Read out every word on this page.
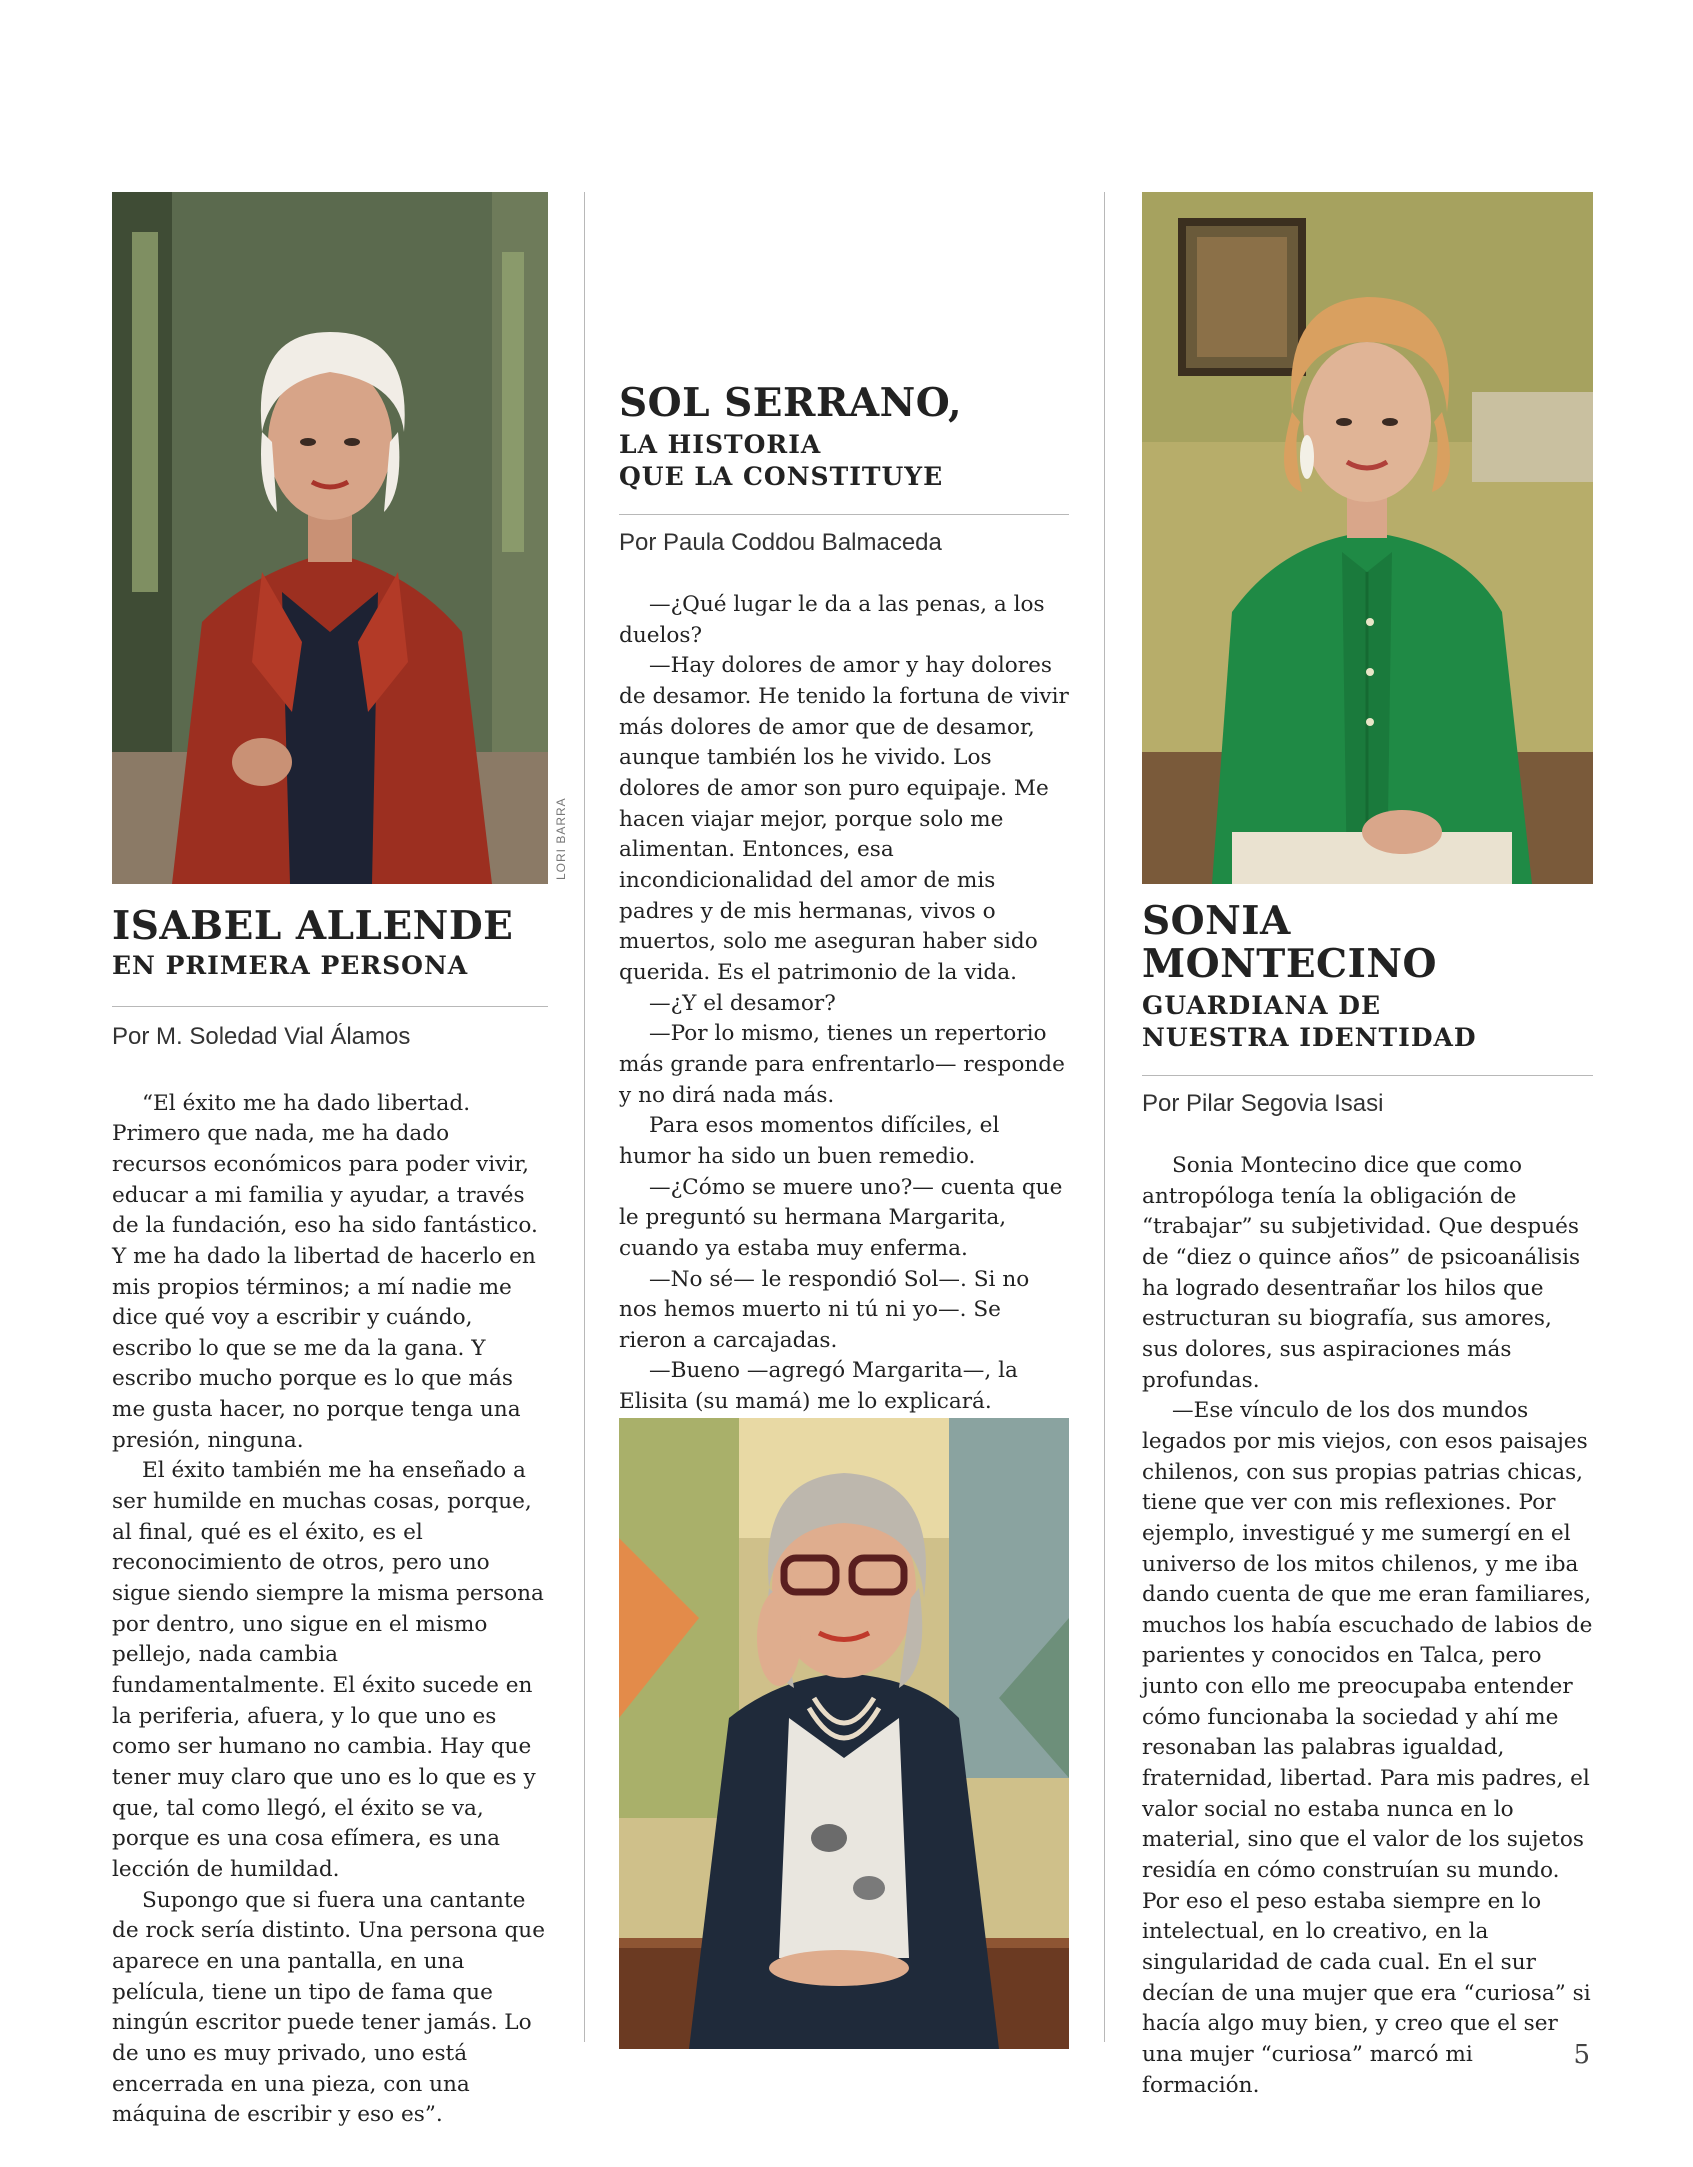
LORI BARRA
ISABEL ALLENDE
EN PRIMERA PERSONA

Por M. Soledad Vial Álamos

“El éxito me ha dado libertad. Primero que nada, me ha dado recursos económicos para poder vivir, educar a mi familia y ayudar, a través de la fundación, eso ha sido fantástico. Y me ha dado la libertad de hacerlo en mis propios términos; a mí nadie me dice qué voy a escribir y cuándo, escribo lo que se me da la gana. Y escribo mucho porque es lo que más me gusta hacer, no porque tenga una presión, ninguna.

El éxito también me ha enseñado a ser humilde en muchas cosas, porque, al final, qué es el éxito, es el reconocimiento de otros, pero uno sigue siendo siempre la misma persona por dentro, uno sigue en el mismo pellejo, nada cambia fundamentalmente. El éxito sucede en la periferia, afuera, y lo que uno es como ser humano no cambia. Hay que tener muy claro que uno es lo que es y que, tal como llegó, el éxito se va, porque es una cosa efímera, es una lección de humildad.

Supongo que si fuera una cantante de rock sería distinto. Una persona que aparece en una pantalla, en una película, tiene un tipo de fama que ningún escritor puede tener jamás. Lo de uno es muy privado, uno está encerrada en una pieza, con una máquina de escribir y eso es”.

SOL SERRANO,
LA HISTORIA
QUE LA CONSTITUYE

Por Paula Coddou Balmaceda

—¿Qué lugar le da a las penas, a los duelos?

—Hay dolores de amor y hay dolores de desamor. He tenido la fortuna de vivir más dolores de amor que de desamor, aunque también los he vivido. Los dolores de amor son puro equipaje. Me hacen viajar mejor, porque solo me alimentan. Entonces, esa incondicionalidad del amor de mis padres y de mis hermanas, vivos o muertos, solo me aseguran haber sido querida. Es el patrimonio de la vida.

—¿Y el desamor?

—Por lo mismo, tienes un repertorio más grande para enfrentarlo— responde y no dirá nada más.

Para esos momentos difíciles, el humor ha sido un buen remedio.

—¿Cómo se muere uno?— cuenta que le preguntó su hermana Margarita, cuando ya estaba muy enferma.

—No sé— le respondió Sol—. Si no nos hemos muerto ni tú ni yo—. Se rieron a carcajadas.

—Bueno —agregó Margarita—, la Elisita (su mamá) me lo explicará.

SONIA MONTECINO
GUARDIANA DE
NUESTRA IDENTIDAD

Por Pilar Segovia Isasi

Sonia Montecino dice que como antropóloga tenía la obligación de “trabajar” su subjetividad. Que después de “diez o quince años” de psicoanálisis ha logrado desentrañar los hilos que estructuran su biografía, sus amores, sus dolores, sus aspiraciones más profundas.

—Ese vínculo de los dos mundos legados por mis viejos, con esos paisajes chilenos, con sus propias patrias chicas, tiene que ver con mis reflexiones. Por ejemplo, investigué y me sumergí en el universo de los mitos chilenos, y me iba dando cuenta de que me eran familiares, muchos los había escuchado de labios de parientes y conocidos en Talca, pero junto con ello me preocupaba entender cómo funcionaba la sociedad y ahí me resonaban las palabras igualdad, fraternidad, libertad. Para mis padres, el valor social no estaba nunca en lo material, sino que el valor de los sujetos residía en cómo construían su mundo. Por eso el peso estaba siempre en lo intelectual, en lo creativo, en la singularidad de cada cual. En el sur decían de una mujer que era “curiosa” si hacía algo muy bien, y creo que el ser una mujer “curiosa” marcó mi formación.

5
